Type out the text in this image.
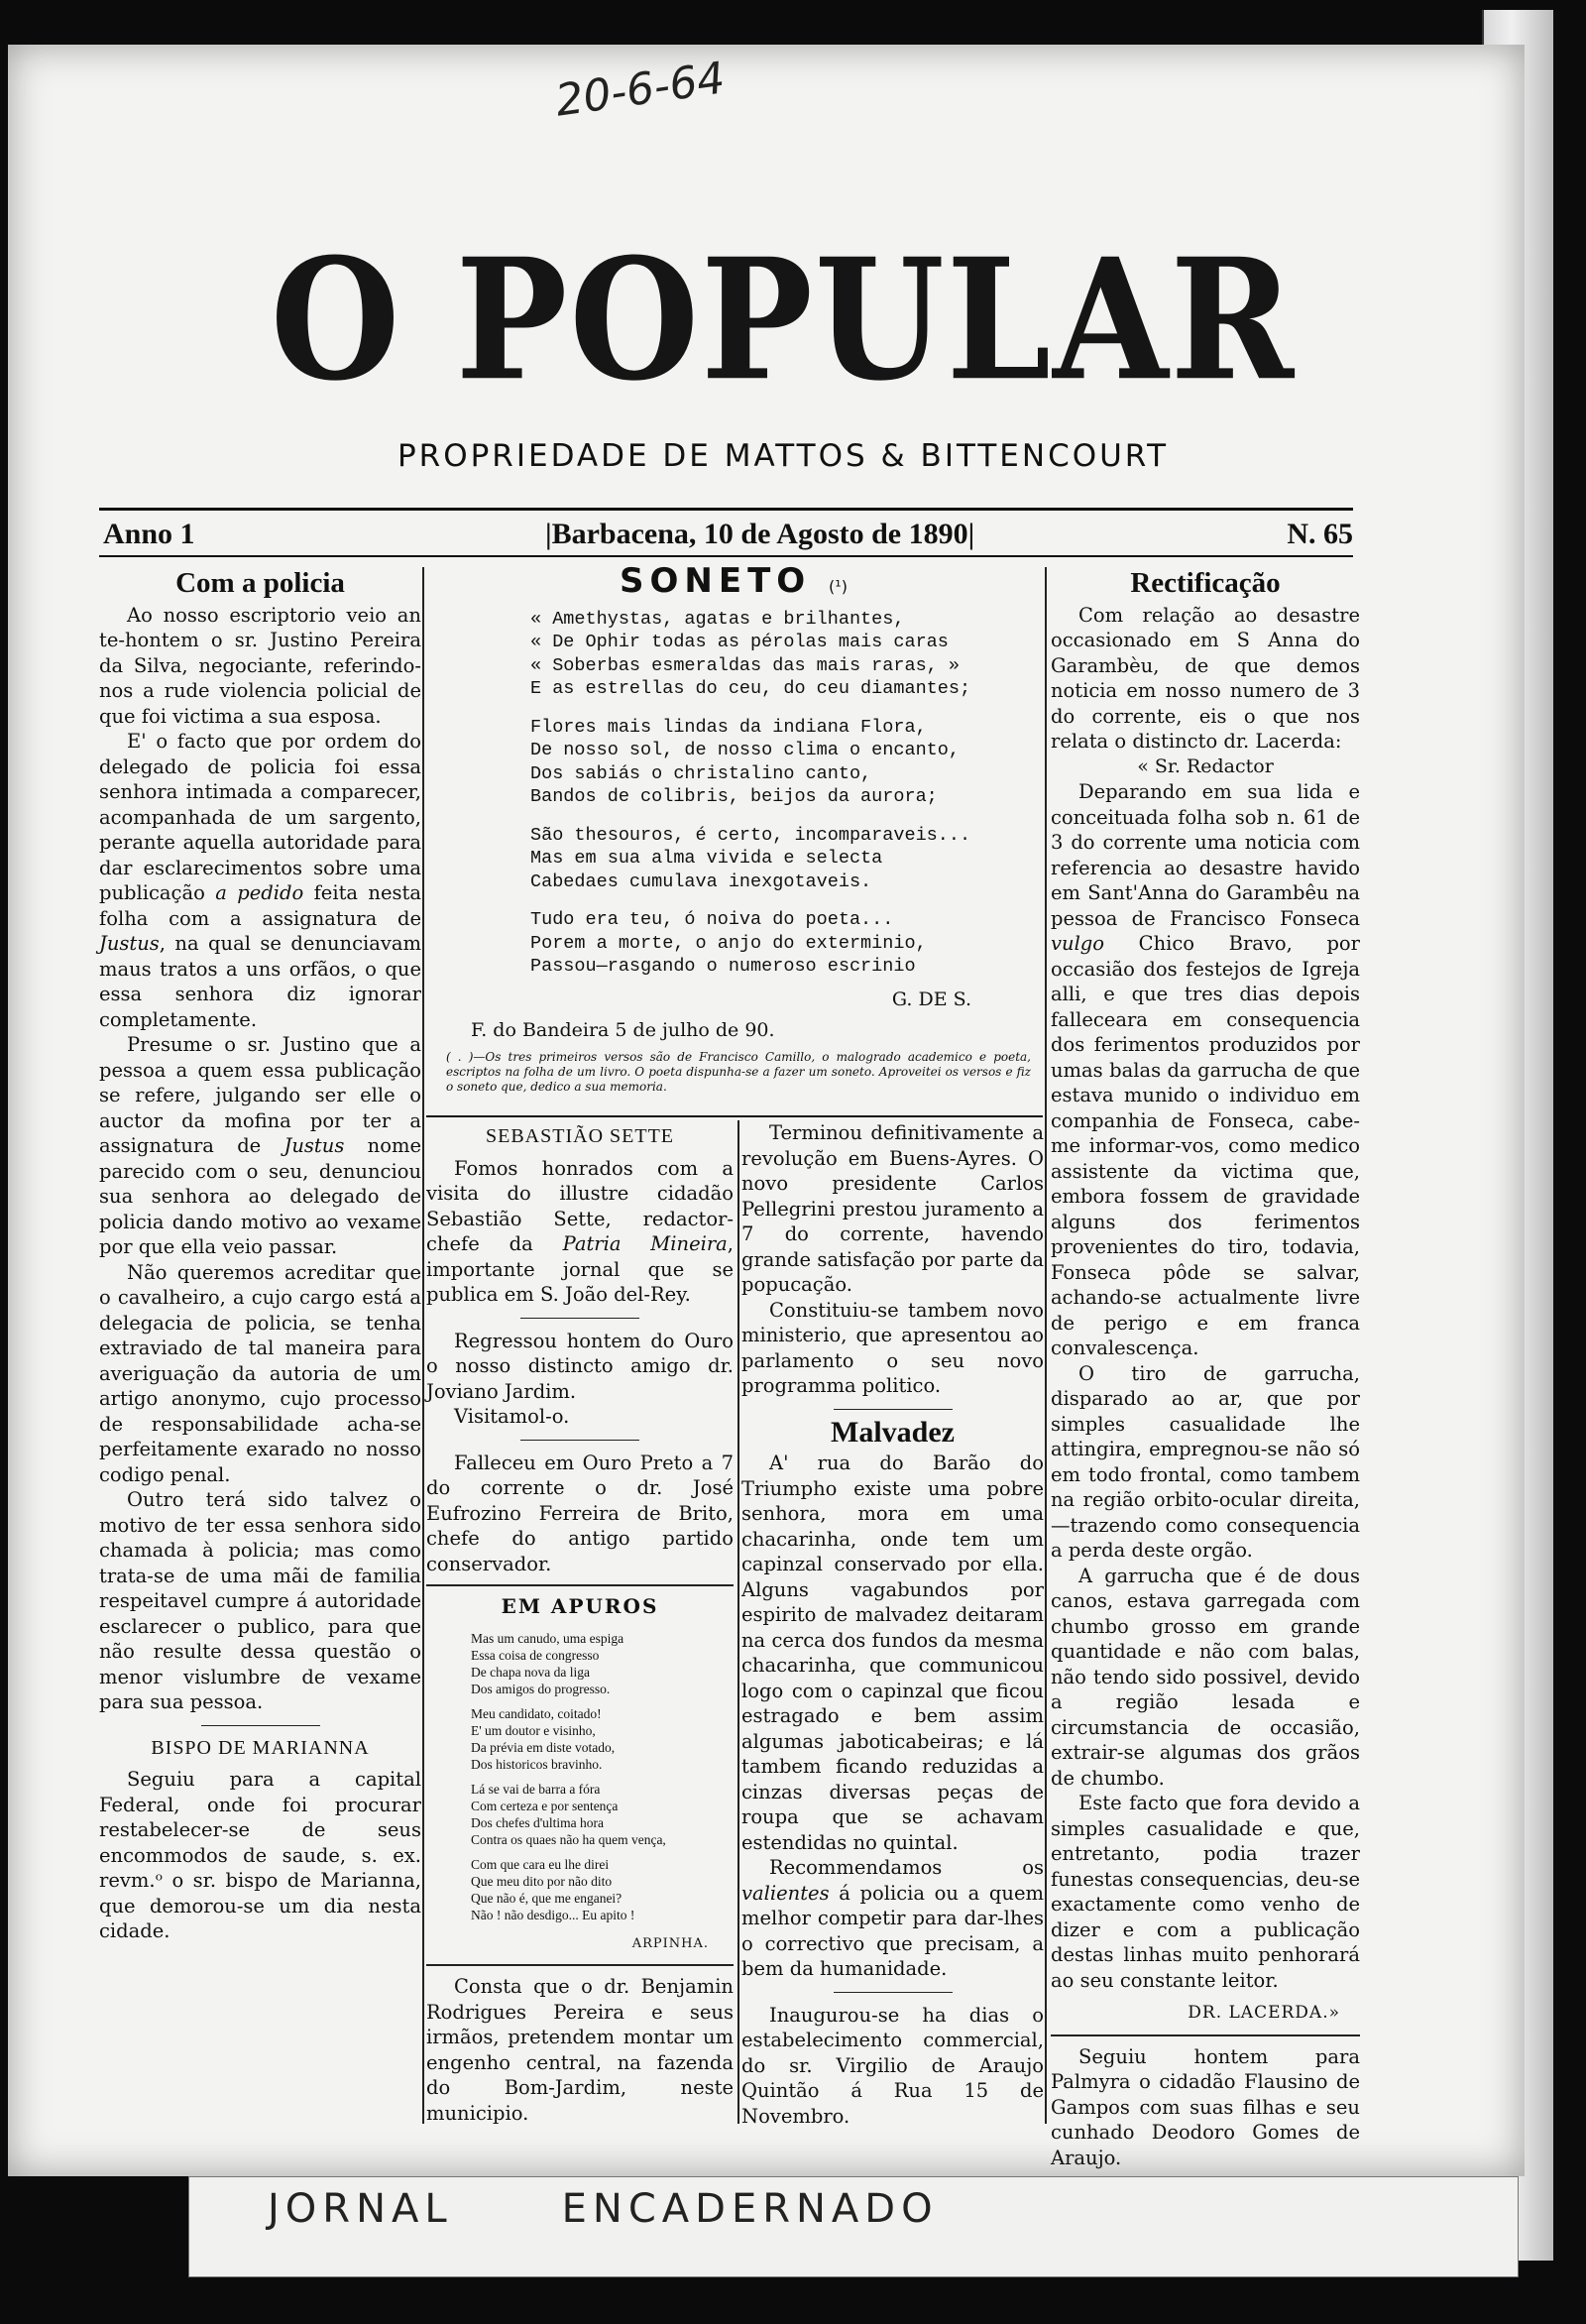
20-6-64
O POPULAR
PROPRIEDADE DE MATTOS & BITTENCOURT
Anno 1	|Barbacena, 10 de Agosto de 1890|	N. 65
Com a policia

Ao nosso escriptorio veio an te-hontem o sr. Justino Pereira da Silva, negociante, referindo-nos a rude violencia policial de que foi victima a sua esposa.

E' o facto que por ordem do delegado de policia foi essa senhora intimada a comparecer, acompanhada de um sargento, perante aquella autoridade para dar esclarecimentos sobre uma publicação a pedido feita nesta folha com a assignatura de Justus, na qual se denunciavam maus tratos a uns orfãos, o que essa senhora diz ignorar completamente.

Presume o sr. Justino que a pessoa a quem essa publicação se refere, julgando ser elle o auctor da mofina por ter a assignatura de Justus nome parecido com o seu, denunciou sua senhora ao delegado de policia dando motivo ao vexame por que ella veio passar.

Não queremos acreditar que o cavalheiro, a cujo cargo está a delegacia de policia, se tenha extraviado de tal maneira para averiguação da autoria de um artigo anonymo, cujo processo de responsabilidade acha-se perfeitamente exarado no nosso codigo penal.

Outro terá sido talvez o motivo de ter essa senhora sido chamada à policia; mas como trata-se de uma mãi de familia respeitavel cumpre á autoridade esclarecer o publico, para que não resulte dessa questão o menor vislumbre de vexame para sua pessoa.

BISPO DE MARIANNA

Seguiu para a capital Federal, onde foi procurar restabelecer-se de seus encommodos de saude, s. ex. revm.ᵒ o sr. bispo de Marianna, que demorou-se um dia nesta cidade.

SONETO (¹)
« Amethystas, agatas e brilhantes,
« De Ophir todas as pérolas mais caras
« Soberbas esmeraldas das mais raras, »
E as estrellas do ceu, do ceu diamantes;
Flores mais lindas da indiana Flora,
De nosso sol, de nosso clima o encanto,
Dos sabiás o christalino canto,
Bandos de colibris, beijos da aurora;
São thesouros, é certo, incomparaveis...
Mas em sua alma vivida e selecta
Cabedaes cumulava inexgotaveis.
Tudo era teu, ó noiva do poeta...
Porem a morte, o anjo do exterminio,
Passou—rasgando o numeroso escrinio
G. DE S.
F. do Bandeira 5 de julho de 90.
( . )—Os tres primeiros versos são de Francisco Camillo, o malogrado academico e poeta, escriptos na folha de um livro. O poeta dispunha-se a fazer um soneto. Aproveitei os versos e fiz o soneto que, dedico a sua memoria.
SEBASTIÃO SETTE

Fomos honrados com a visita do illustre cidadão Sebastião Sette, redactor-chefe da Patria Mineira, importante jornal que se publica em S. João del-Rey.

Regressou hontem do Ouro o nosso distincto amigo dr. Joviano Jardim.

Visitamol-o.

Falleceu em Ouro Preto a 7 do corrente o dr. José Eufrozino Ferreira de Brito, chefe do antigo partido conservador.

EM APUROS
Mas um canudo, uma espiga
Essa coisa de congresso
De chapa nova da liga
Dos amigos do progresso.
Meu candidato, coitado!
E' um doutor e visinho,
Da prévia em diste votado,
Dos historicos bravinho.
Lá se vai de barra a fóra
Com certeza e por sentença
Dos chefes d'ultima hora
Contra os quaes não ha quem vença,
Com que cara eu lhe direi
Que meu dito por não dito
Que não é, que me enganei?
Não ! não desdigo... Eu apito !
ARPINHA.

Consta que o dr. Benjamin Rodrigues Pereira e seus irmãos, pretendem montar um engenho central, na fazenda do Bom-Jardim, neste municipio.

Terminou definitivamente a revolução em Buens-Ayres. O novo presidente Carlos Pellegrini prestou juramento a 7 do corrente, havendo grande satisfação por parte da popucação.

Constituiu-se tambem novo ministerio, que apresentou ao parlamento o seu novo programma politico.

Malvadez

A' rua do Barão do Triumpho existe uma pobre senhora, mora em uma chacarinha, onde tem um capinzal conservado por ella. Alguns vagabundos por espirito de malvadez deitaram na cerca dos fundos da mesma chacarinha, que communicou logo com o capinzal que ficou estragado e bem assim algumas jaboticabeiras; e lá tambem ficando reduzidas a cinzas diversas peças de roupa que se achavam estendidas no quintal.

Recommendamos os valientes á policia ou a quem melhor competir para dar-lhes o correctivo que precisam, a bem da humanidade.

Inaugurou-se ha dias o estabelecimento commercial, do sr. Virgilio de Araujo Quintão á Rua 15 de Novembro.

Rectificação

Com relação ao desastre occasionado em S Anna do Garambèu, de que demos noticia em nosso numero de 3 do corrente, eis o que nos relata o distincto dr. Lacerda:

« Sr. Redactor

Deparando em sua lida e conceituada folha sob n. 61 de 3 do corrente uma noticia com referencia ao desastre havido em Sant'Anna do Garambêu na pessoa de Francisco Fonseca vulgo Chico Bravo, por occasião dos festejos de Igreja alli, e que tres dias depois falleceara em consequencia dos ferimentos produzidos por umas balas da garrucha de que estava munido o individuo em companhia de Fonseca, cabe-me informar-vos, como medico assistente da victima que, embora fossem de gravidade alguns dos ferimentos provenientes do tiro, todavia, Fonseca pôde se salvar, achando-se actualmente livre de perigo e em franca convalescença.

O tiro de garrucha, disparado ao ar, que por simples casualidade lhe attingira, empregnou-se não só em todo frontal, como tambem na região orbito-ocular direita, —trazendo como consequencia a perda deste orgão.

A garrucha que é de dous canos, estava garregada com chumbo grosso em grande quantidade e não com balas, não tendo sido possivel, devido a região lesada e circumstancia de occasião, extrair-se algumas dos grãos de chumbo.

Este facto que fora devido a simples casualidade e que, entretanto, podia trazer funestas consequencias, deu-se exactamente como venho de dizer e com a publicação destas linhas muito penhorará ao seu constante leitor.

DR. LACERDA.»

Seguiu hontem para Palmyra o cidadão Flausino de Gampos com suas filhas e seu cunhado Deodoro Gomes de Araujo.

JORNAL	ENCADERNADO
